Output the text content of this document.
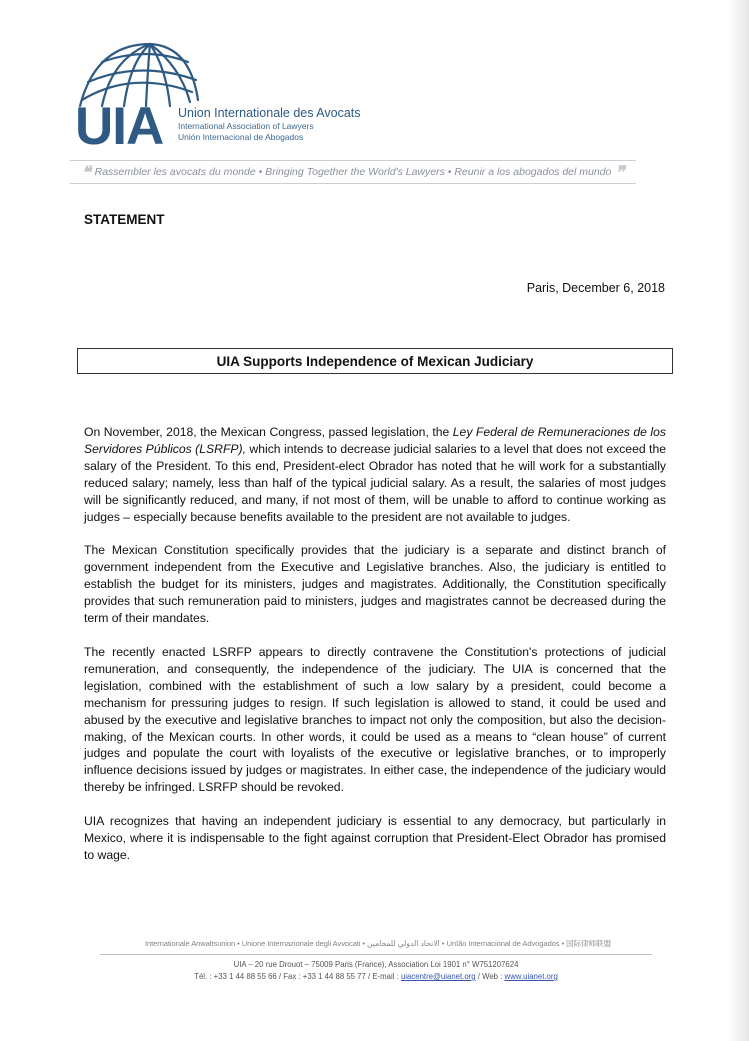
UIA Union Internationale des Avocats
International Association of Lawyers
Unión Internacional de Abogados
❝ Rassembler les avocats du monde • Bringing Together the World's Lawyers • Reunir a los abogados del mundo ❞
STATEMENT
Paris, December 6, 2018
UIA Supports Independence of Mexican Judiciary

On November, 2018, the Mexican Congress, passed legislation, the Ley Federal de Remuneraciones de los Servidores Públicos (LSRFP), which intends to decrease judicial salaries to a level that does not exceed the salary of the President. To this end, President-elect Obrador has noted that he will work for a substantially reduced salary; namely, less than half of the typical judicial salary. As a result, the salaries of most judges will be significantly reduced, and many, if not most of them, will be unable to afford to continue working as judges – especially because benefits available to the president are not available to judges.

The Mexican Constitution specifically provides that the judiciary is a separate and distinct branch of government independent from the Executive and Legislative branches. Also, the judiciary is entitled to establish the budget for its ministers, judges and magistrates. Additionally, the Constitution specifically provides that such remuneration paid to ministers, judges and magistrates cannot be decreased during the term of their mandates.

The recently enacted LSRFP appears to directly contravene the Constitution's protections of judicial remuneration, and consequently, the independence of the judiciary. The UIA is concerned that the legislation, combined with the establishment of such a low salary by a president, could become a mechanism for pressuring judges to resign. If such legislation is allowed to stand, it could be used and abused by the executive and legislative branches to impact not only the composition, but also the decision-making, of the Mexican courts. In other words, it could be used as a means to “clean house” of current judges and populate the court with loyalists of the executive or legislative branches, or to improperly influence decisions issued by judges or magistrates. In either case, the independence of the judiciary would thereby be infringed. LSRFP should be revoked.

UIA recognizes that having an independent judiciary is essential to any democracy, but particularly in Mexico, where it is indispensable to the fight against corruption that President-Elect Obrador has promised to wage.

Internationale Anwaltsunion • Unione Internazionale degli Avvocati • الاتحاد الدولي للمحامين • Unīão Internacional de Advogados • 国际律师联盟
UIA – 20 rue Drouot – 75009 Paris (France), Association Loi 1901 n° W751207624
Tél. : +33 1 44 88 55 66 / Fax : +33 1 44 88 55 77 / E-mail : uiacentre@uianet.org / Web : www.uianet.org
